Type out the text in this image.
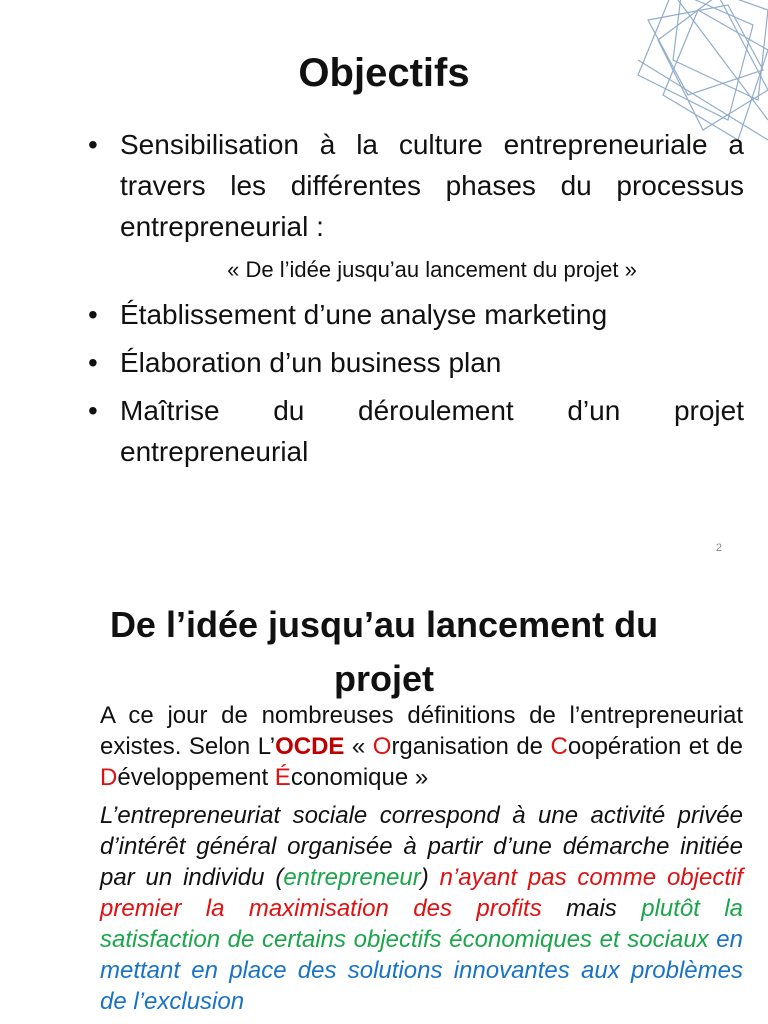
Objectifs
• Sensibilisation à la culture entrepreneuriale a travers les différentes phases du processus entrepreneurial :
« De l’idée jusqu’au lancement du projet »
• Établissement d’une analyse marketing
• Élaboration d’un business plan
• Maîtrise du déroulement d’un projet entrepreneurial
2
De l’idée jusqu’au lancement du projet

A ce jour de nombreuses définitions de l’entrepreneuriat existes. Selon L’OCDE « Organisation de Coopération et de Développement Économique »

L’entrepreneuriat sociale correspond à une activité privée d’intérêt général organisée à partir d’une démarche initiée par un individu (entrepreneur) n’ayant pas comme objectif premier la maximisation des profits mais plutôt la satisfaction de certains objectifs économiques et sociaux en mettant en place des solutions innovantes aux problèmes de l’exclusion
